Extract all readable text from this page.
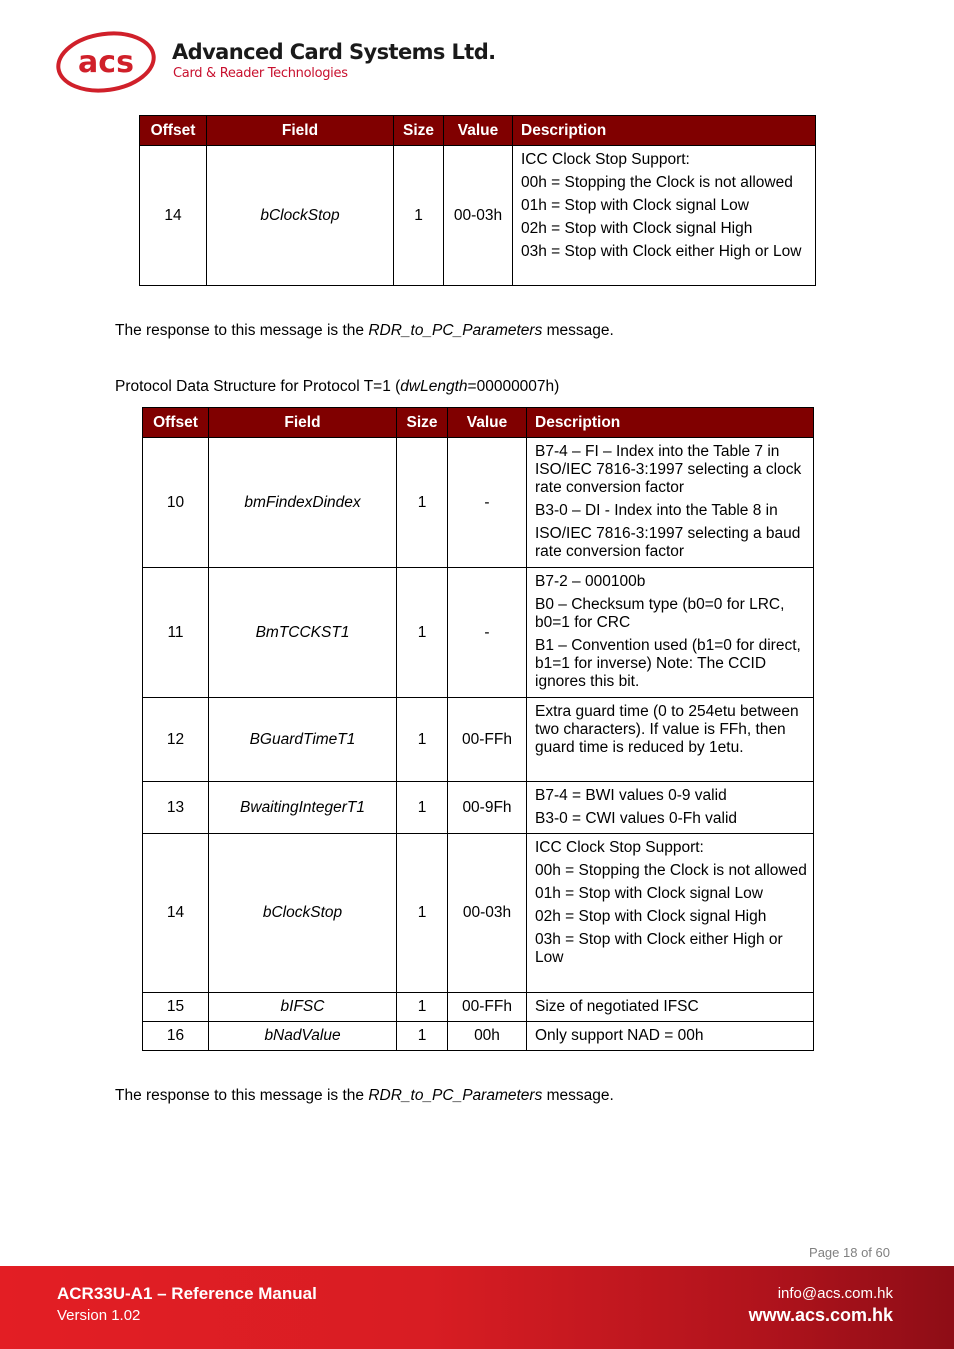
acs Advanced Card Systems Ltd.
Card & Reader Technologies
Offset	Field	Size	Value	Description
14	bClockStop	1	00-03h	ICC Clock Stop Support:
00h = Stopping the Clock is not allowed
01h = Stop with Clock signal Low
02h = Stop with Clock signal High
03h = Stop with Clock either High or Low
The response to this message is the RDR_to_PC_Parameters message.
Protocol Data Structure for Protocol T=1 (dwLength=00000007h)
Offset	Field	Size	Value	Description
10	bmFindexDindex	1	-	B7-4 – FI – Index into the Table 7 in ISO/IEC 7816-3:1997 selecting a clock rate conversion factor
B3-0 – DI - Index into the Table 8 in
ISO/IEC 7816-3:1997 selecting a baud rate conversion factor

11	BmTCCKST1	1	-	B7-2 – 000100b
B0 – Checksum type (b0=0 for LRC, b0=1 for CRC
B1 – Convention used (b1=0 for direct, b1=1 for inverse) Note: The CCID ignores this bit.

12	BGuardTimeT1	1	00-FFh	Extra guard time (0 to 254etu between two characters). If value is FFh, then guard time is reduced by 1etu.

13	BwaitingIntegerT1	1	00-9Fh	B7-4 = BWI values 0-9 valid
B3-0 = CWI values 0-Fh valid

14	bClockStop	1	00-03h	ICC Clock Stop Support:
00h = Stopping the Clock is not allowed
01h = Stop with Clock signal Low
02h = Stop with Clock signal High
03h = Stop with Clock either High or Low

15	bIFSC	1	00-FFh	Size of negotiated IFSC

16	bNadValue	1	00h	Only support NAD = 00h
The response to this message is the RDR_to_PC_Parameters message.
Page 18 of 60
ACR33U-A1 – Reference Manual
Version 1.02
info@acs.com.hk
www.acs.com.hk
